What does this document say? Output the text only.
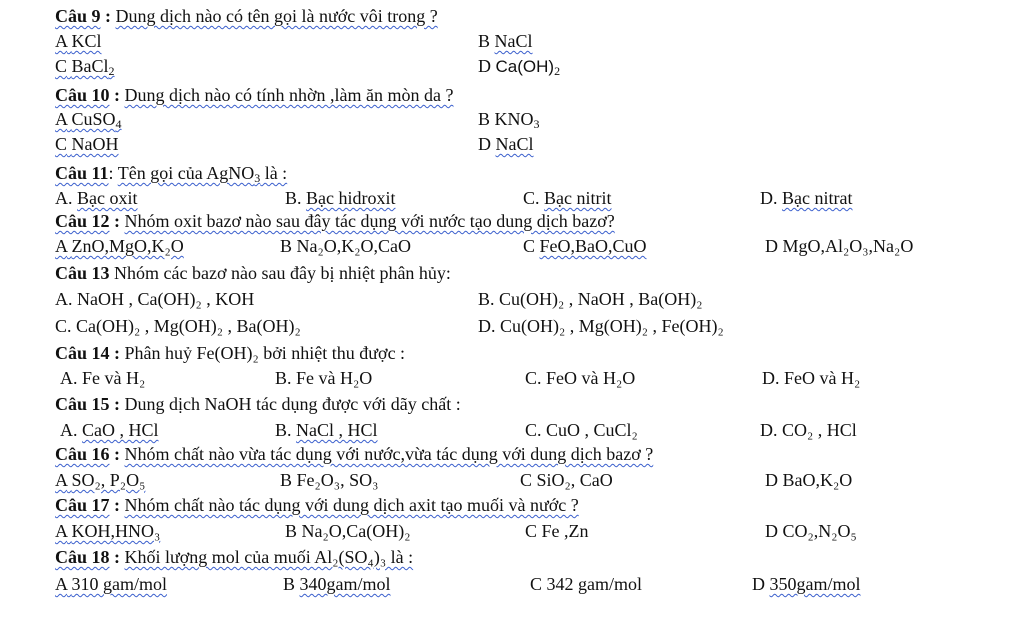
Câu 9 : Dung dịch nào có tên gọi là nước vôi trong ?
A KCl	B NaCl
C BaCl$_2$	D $Ca(OH)_2$
Câu 10 : Dung dịch nào có tính nhờn ,làm ăn mòn da ?
A CuSO$_4$	B $KNO_3$
C NaOH	D NaCl
Câu 11: Tên gọi của AgNO$_3$ là :
A. Bạc oxit	B. Bạc hidroxit	C. Bạc nitrit	D. Bạc nitrat
Câu 12 : Nhóm oxit bazơ nào sau đây tác dụng với nước tạo dung dịch bazơ?
A ZnO,MgO,K₂O	B Na₂O,K₂O,CaO	C FeO,BaO,CuO	D MgO,Al₂O₃,Na₂O
Câu 13 Nhóm các bazơ nào sau đây bị nhiệt phân hủy:
A. NaOH , Ca(OH)₂ , KOH	B. Cu(OH)₂ , NaOH , Ba(OH)₂
C. Ca(OH)₂ , Mg(OH)₂ , Ba(OH)₂	D. Cu(OH)₂ , Mg(OH)₂ , Fe(OH)₂
Câu 14 : Phân huỷ Fe(OH)₂ bởi nhiệt thu được :
A. Fe và H₂	B. Fe và H₂O	C. FeO và H₂O	D. FeO và H₂
Câu 15 : Dung dịch NaOH tác dụng được với dãy chất :
A. CaO , HCl	B. NaCl , HCl	C. CuO , CuCl₂	D. CO₂ , HCl
Câu 16 : Nhóm chất nào vừa tác dụng với nước,vừa tác dụng với dung dịch bazơ ?
A SO₂, P₂O₅	B Fe₂O₃, SO₃	C SiO₂, CaO	D BaO,K₂O
Câu 17 : Nhóm chất nào tác dụng với dung dịch axit tạo muối và nước ?
A KOH,HNO₃	B Na₂O,Ca(OH)₂	C Fe ,Zn	D CO₂,N₂O₅
Câu 18 : Khối lượng mol của muối Al₂(SO₄)₃ là :
A 310 gam/mol	B 340gam/mol	C 342 gam/mol	D 350gam/mol
